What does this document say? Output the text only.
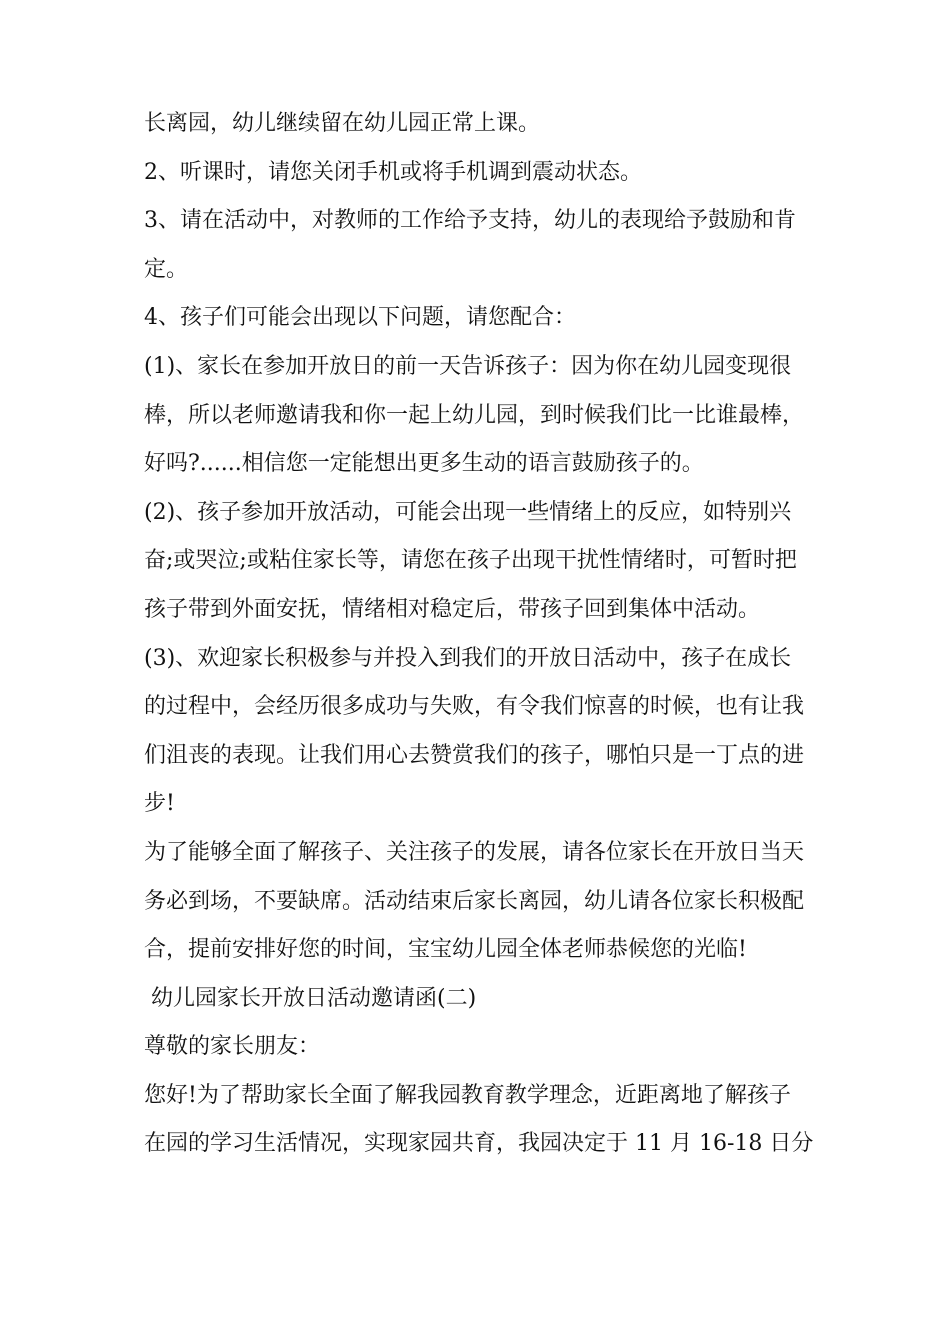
长离园，幼儿继续留在幼儿园正常上课。
2、听课时，请您关闭手机或将手机调到震动状态。
3、请在活动中，对教师的工作给予支持，幼儿的表现给予鼓励和肯
定。
4、孩子们可能会出现以下问题，请您配合：
(1)、家长在参加开放日的前一天告诉孩子：因为你在幼儿园变现很
棒，所以老师邀请我和你一起上幼儿园，到时候我们比一比谁最棒，
好吗?......相信您一定能想出更多生动的语言鼓励孩子的。
(2)、孩子参加开放活动，可能会出现一些情绪上的反应，如特别兴
奋;或哭泣;或粘住家长等，请您在孩子出现干扰性情绪时，可暂时把
孩子带到外面安抚，情绪相对稳定后，带孩子回到集体中活动。
(3)、欢迎家长积极参与并投入到我们的开放日活动中，孩子在成长
的过程中，会经历很多成功与失败，有令我们惊喜的时候，也有让我
们沮丧的表现。让我们用心去赞赏我们的孩子，哪怕只是一丁点的进
步!
为了能够全面了解孩子、关注孩子的发展，请各位家长在开放日当天
务必到场，不要缺席。活动结束后家长离园，幼儿请各位家长积极配
合，提前安排好您的时间，宝宝幼儿园全体老师恭候您的光临!
幼儿园家长开放日活动邀请函(二)
尊敬的家长朋友：
您好!为了帮助家长全面了解我园教育教学理念，近距离地了解孩子
在园的学习生活情况，实现家园共育，我园决定于 11 月 16-18 日分
